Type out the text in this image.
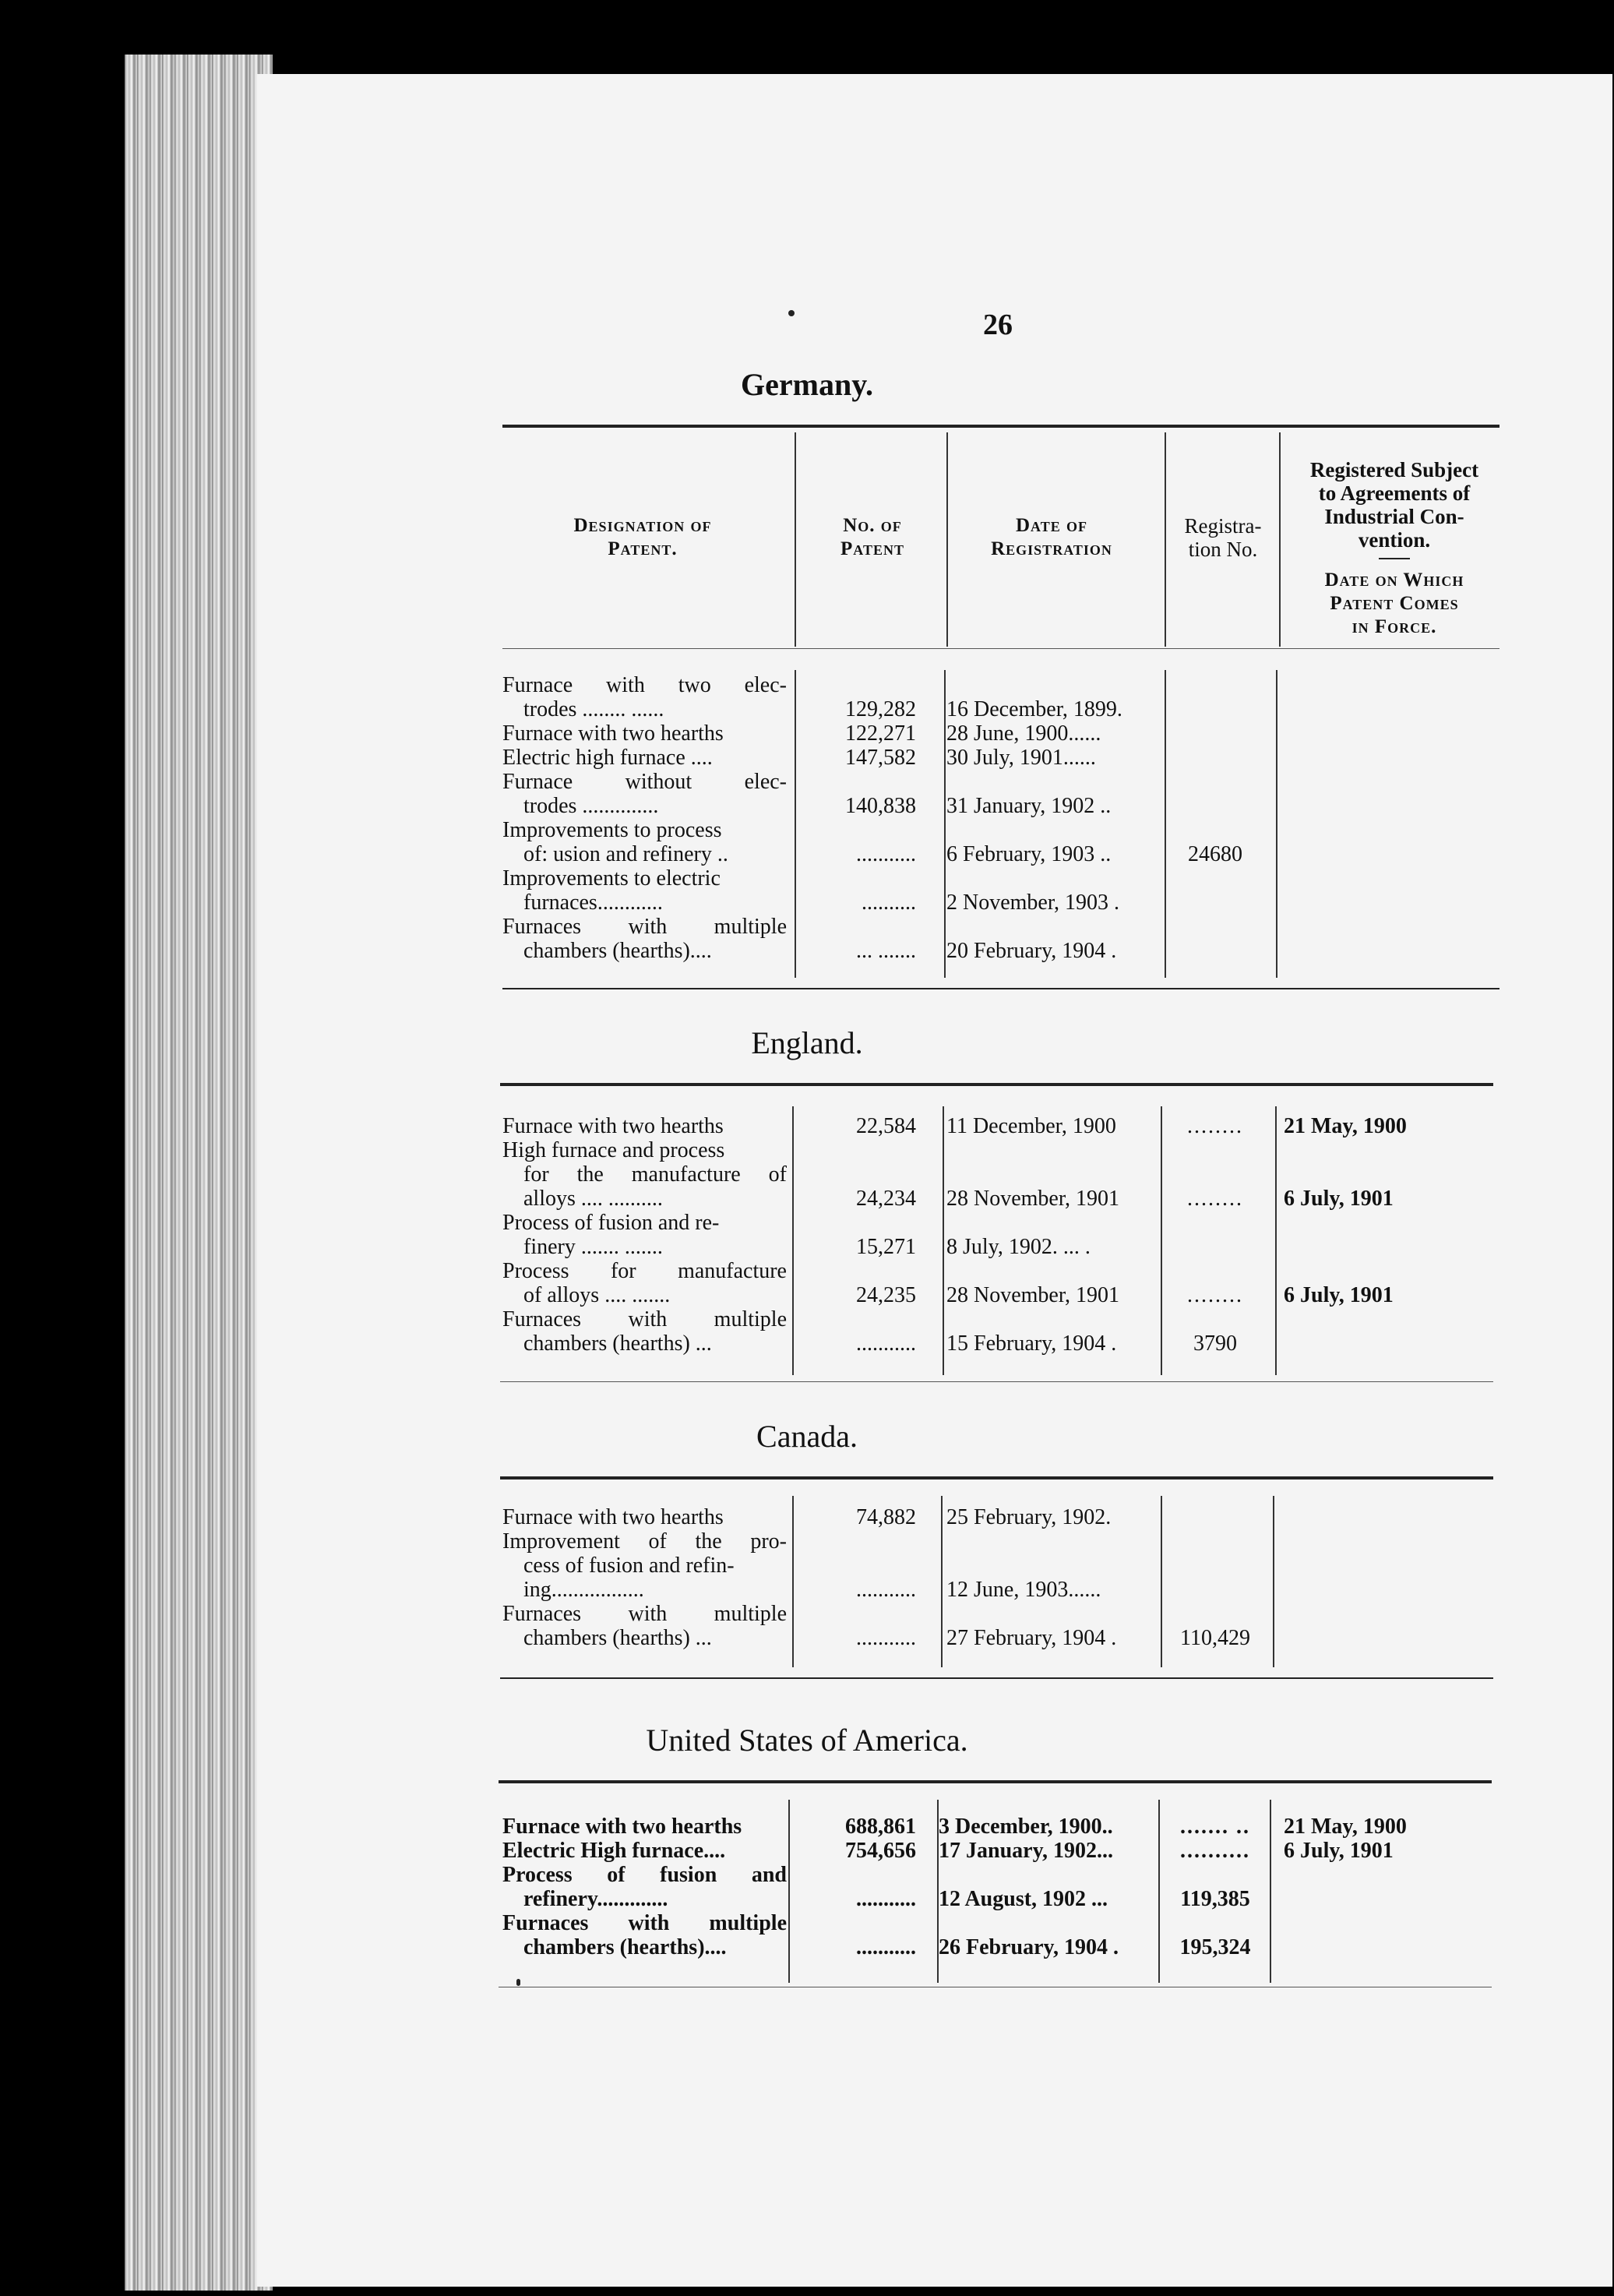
26
Germany.
Designation of
Patent.
No. of
Patent
Date of
Registration
Registra-
tion No.
Registered Subject
to Agreements of
Industrial Con-
vention.
Date on Which
Patent Comes
in Force.
Furnace with two elec-
trodes ........ ......	129,282 16 December, 1899.
Furnace with two hearths	122,271 28 June, 1900......
Electric high furnace ....	147,582 30 July, 1901......
Furnace without elec-
trodes ..............	140,838 31 January, 1902 ..
Improvements to process
of: usion and refinery ..	........... 6 February, 1903 ..	24680
Improvements to electric
furnaces............	.......... 2 November, 1903 .
Furnaces with multiple
chambers (hearths)....	... ....... 20 February, 1904 .
England.
Furnace with two hearths	22,584 11 December, 1900	........	21 May, 1900
High furnace and process
for the manufacture of
alloys .... ..........	24,234 28 November, 1901	........	6 July, 1901
Process of fusion and re-
finery ....... .......	15,271 8 July, 1902. ... .
Process for manufacture
of alloys .... .......	24,235 28 November, 1901	........	6 July, 1901
Furnaces with multiple
chambers (hearths) ...	........... 15 February, 1904 .	3790
Canada.
Furnace with two hearths	74,882 25 February, 1902.
Improvement of the pro-
cess of fusion and refin-
ing.................	........... 12 June, 1903......
Furnaces with multiple
chambers (hearths) ...	........... 27 February, 1904 .	110,429
United States of America.
Furnace with two hearths	688,861 3 December, 1900..	....... ..	21 May, 1900
Electric High furnace....	754,656 17 January, 1902...	..........	6 July, 1901
Process of fusion and
refinery.............	........... 12 August, 1902 ...	119,385
Furnaces with multiple
chambers (hearths)....	........... 26 February, 1904 .	195,324
